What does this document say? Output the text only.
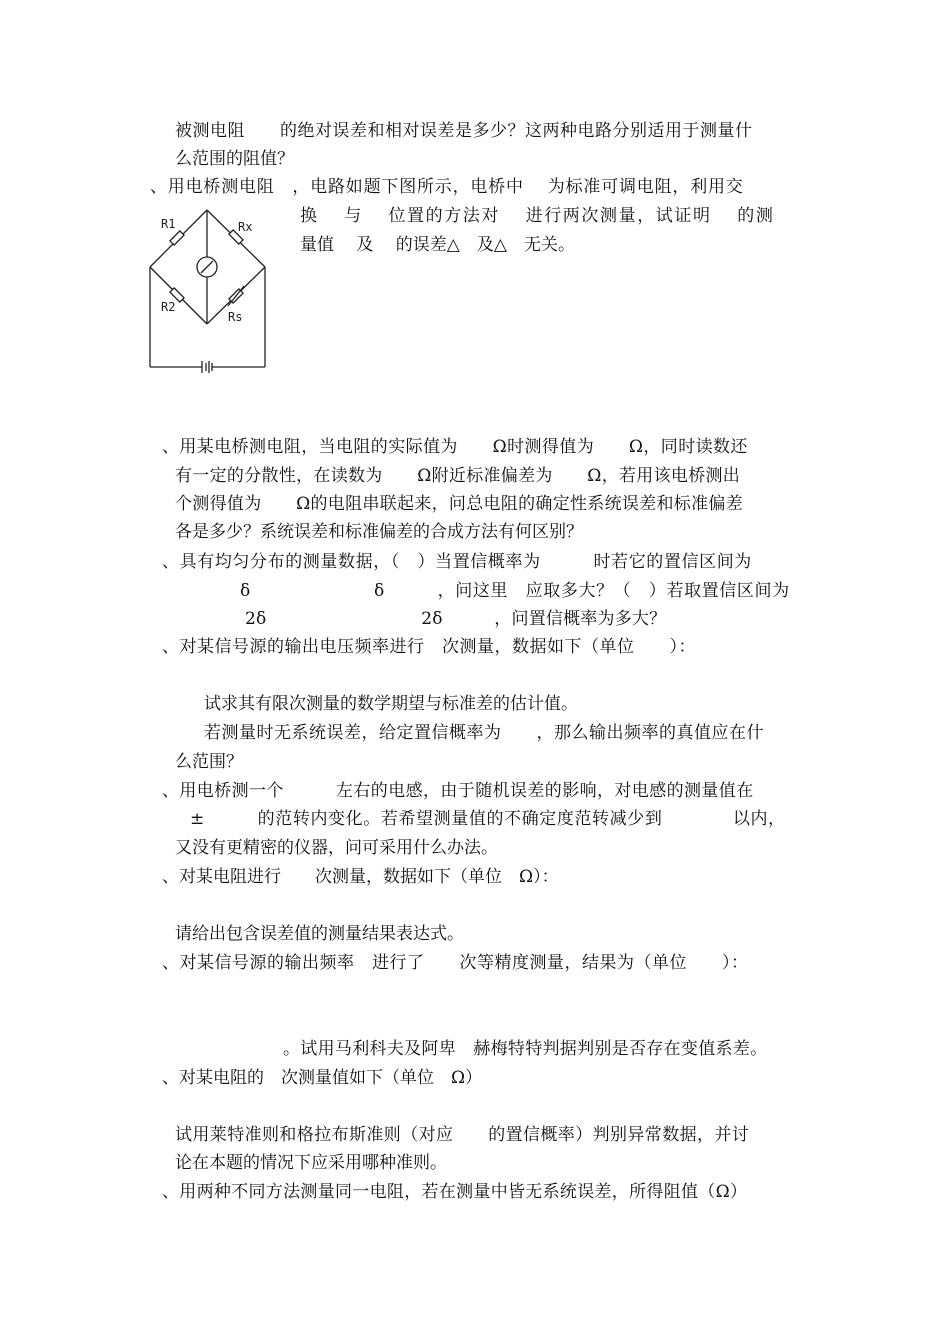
被测电阻　　的绝对误差和相对误差是多少？这两种电路分别适用于测量什
么范围的阻值？
、用电桥测电阻　，电路如题下图所示，电桥中　 为标准可调电阻，利用交
换　 与　 位置的方法对　 进行两次测量，试证明　 的测
量值　 及　 的误差△　及△　无关。
R1	Rx
R2
Rs
、用某电桥测电阻，当电阻的实际值为　　Ω时测得值为　　Ω，同时读数还
有一定的分散性，在读数为　　Ω附近标准偏差为　　Ω，若用该电桥测出
个测得值为　　Ω的电阻串联起来，问总电阻的确定性系统误差和标准偏差
各是多少？系统误差和标准偏差的合成方法有何区别？
、具有均匀分布的测量数据，（　）当置信概率为　　　时若它的置信区间为
δ　　　　　　　δ　　　，问这里　应取多大？（　）若取置信区间为
2δ　　　　　　　　　2δ　　　，问置信概率为多大？
、对某信号源的输出电压频率进行　次测量，数据如下（单位　　）：
试求其有限次测量的数学期望与标准差的估计值。
若测量时无系统误差，给定置信概率为　　，那么输出频率的真值应在什
么范围？
、用电桥测一个　　　左右的电感，由于随机误差的影响，对电感的测量值在
±　　　的范转内变化。若希望测量值的不确定度范转减少到　　　　以内，
又没有更精密的仪器，问可采用什么办法。
、对某电阻进行　　次测量，数据如下（单位　Ω）：
请给出包含误差值的测量结果表达式。
、对某信号源的输出频率　进行了　　次等精度测量，结果为（单位　　）：
。试用马利科夫及阿卑　赫梅特特判据判别是否存在变值系差。
、对某电阻的　次测量值如下（单位　Ω）
试用莱特准则和格拉布斯准则（对应　　的置信概率）判别异常数据，并讨
论在本题的情况下应采用哪种准则。
、用两种不同方法测量同一电阻，若在测量中皆无系统误差，所得阻值（Ω）
